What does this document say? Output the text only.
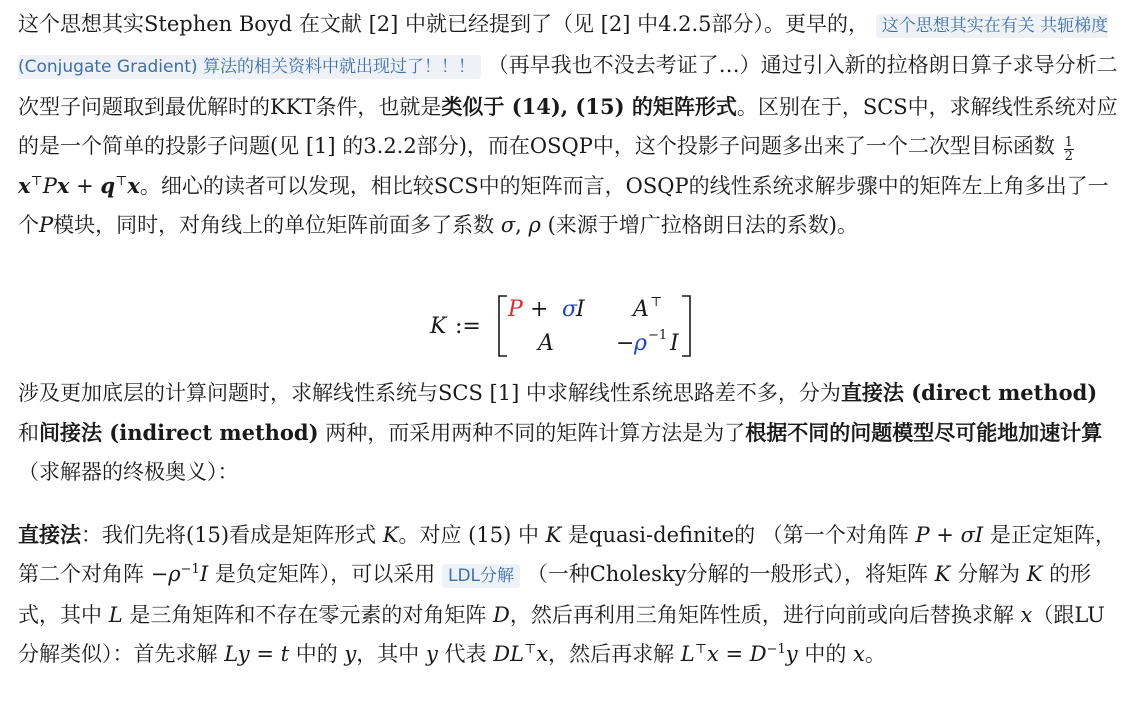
这个思想其实Stephen Boyd 在文献 [2] 中就已经提到了（见 [2] 中4.2.5部分）。更早的， 这个思想其实在有关 共轭梯度 (Conjugate Gradient) 算法的相关资料中就出现过了！！！ （再早我也不没去考证了…）通过引入新的拉格朗日算子求导分析二次型子问题取到最优解时的KKT条件，也就是类似于 (14), (15) 的矩阵形式。区别在于，SCS中，求解线性系统对应的是一个简单的投影子问题(见 [1] 的3.2.2部分)，而在OSQP中，这个投影子问题多出来了一个二次型目标函数 $\frac{1}{2}$
x⊤Px + q⊤x。细心的读者可以发现，相比较SCS中的矩阵而言，OSQP的线性系统求解步骤中的矩阵左上角多出了一个P模块，同时，对角线上的单位矩阵前面多了系数 σ, ρ (来源于增广拉格朗日法的系数)。

K :=
P + σ
I A ⊤
A	− ρ −1 I

涉及更加底层的计算问题时，求解线性系统与SCS [1] 中求解线性系统思路差不多，分为直接法 (direct method) 和间接法 (indirect method) 两种，而采用两种不同的矩阵计算方法是为了根据不同的问题模型尽可能地加速计算（求解器的终极奥义）：

直接法：我们先将(15)看成是矩阵形式 K。对应 (15) 中 K 是quasi-definite的 （第一个对角阵 P + σI 是正定矩阵，第二个对角阵 $-\rho^{-1}I$ 是负定矩阵），可以采用 LDL分解 （一种Cholesky分解的一般形式），将矩阵 K 分解为 K 的形式，其中 L 是三角矩阵和不存在零元素的对角矩阵 D，然后再利用三角矩阵性质，进行向前或向后替换求解 x（跟LU分解类似）：首先求解 Ly = t 中的 y，其中 y 代表 DL⊤x，然后再求解 $L^⊤x = D^{-1}y$ 中的 x。
